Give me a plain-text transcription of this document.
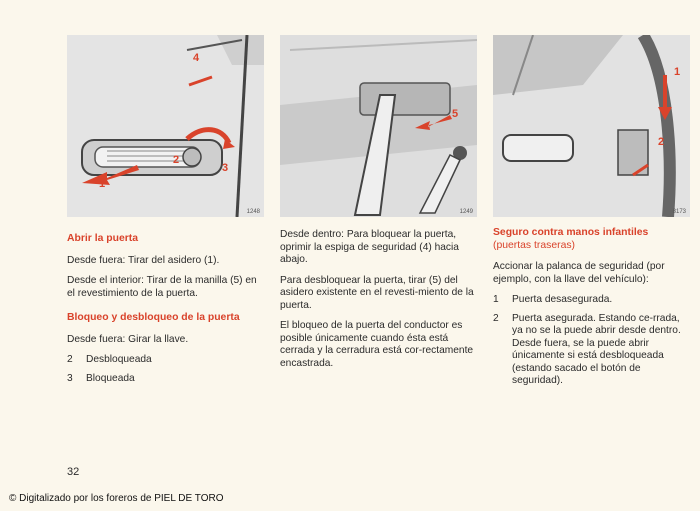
1
2
3
4
1248
5
1249
1
2
8173
Abrir la puerta

Desde fuera: Tirar del asidero (1).

Desde el interior: Tirar de la manilla (5) en el revestimiento de la puerta.

Bloqueo y desbloqueo de la puerta

Desde fuera: Girar la llave.

2	Desbloqueada
3	Bloqueada

Desde dentro: Para bloquear la puerta, oprimir la espiga de seguridad (4) hacia abajo.

Para desbloquear la puerta, tirar (5) del asidero existente en el revesti-miento de la puerta.

El bloqueo de la puerta del conductor es posible únicamente cuando ésta está cerrada y la cerradura está cor-rectamente encastrada.

Seguro contra manos infantiles
(puertas traseras)

Accionar la palanca de seguridad (por ejemplo, con la llave del vehículo):

1	Puerta desasegurada.
2	Puerta asegurada. Estando ce-rrada, ya no se la puede abrir desde dentro. Desde fuera, se la puede abrir únicamente si está desbloqueada (estando sacado el botón de seguridad).
32
© Digitalizado por los foreros de PIEL DE TORO
